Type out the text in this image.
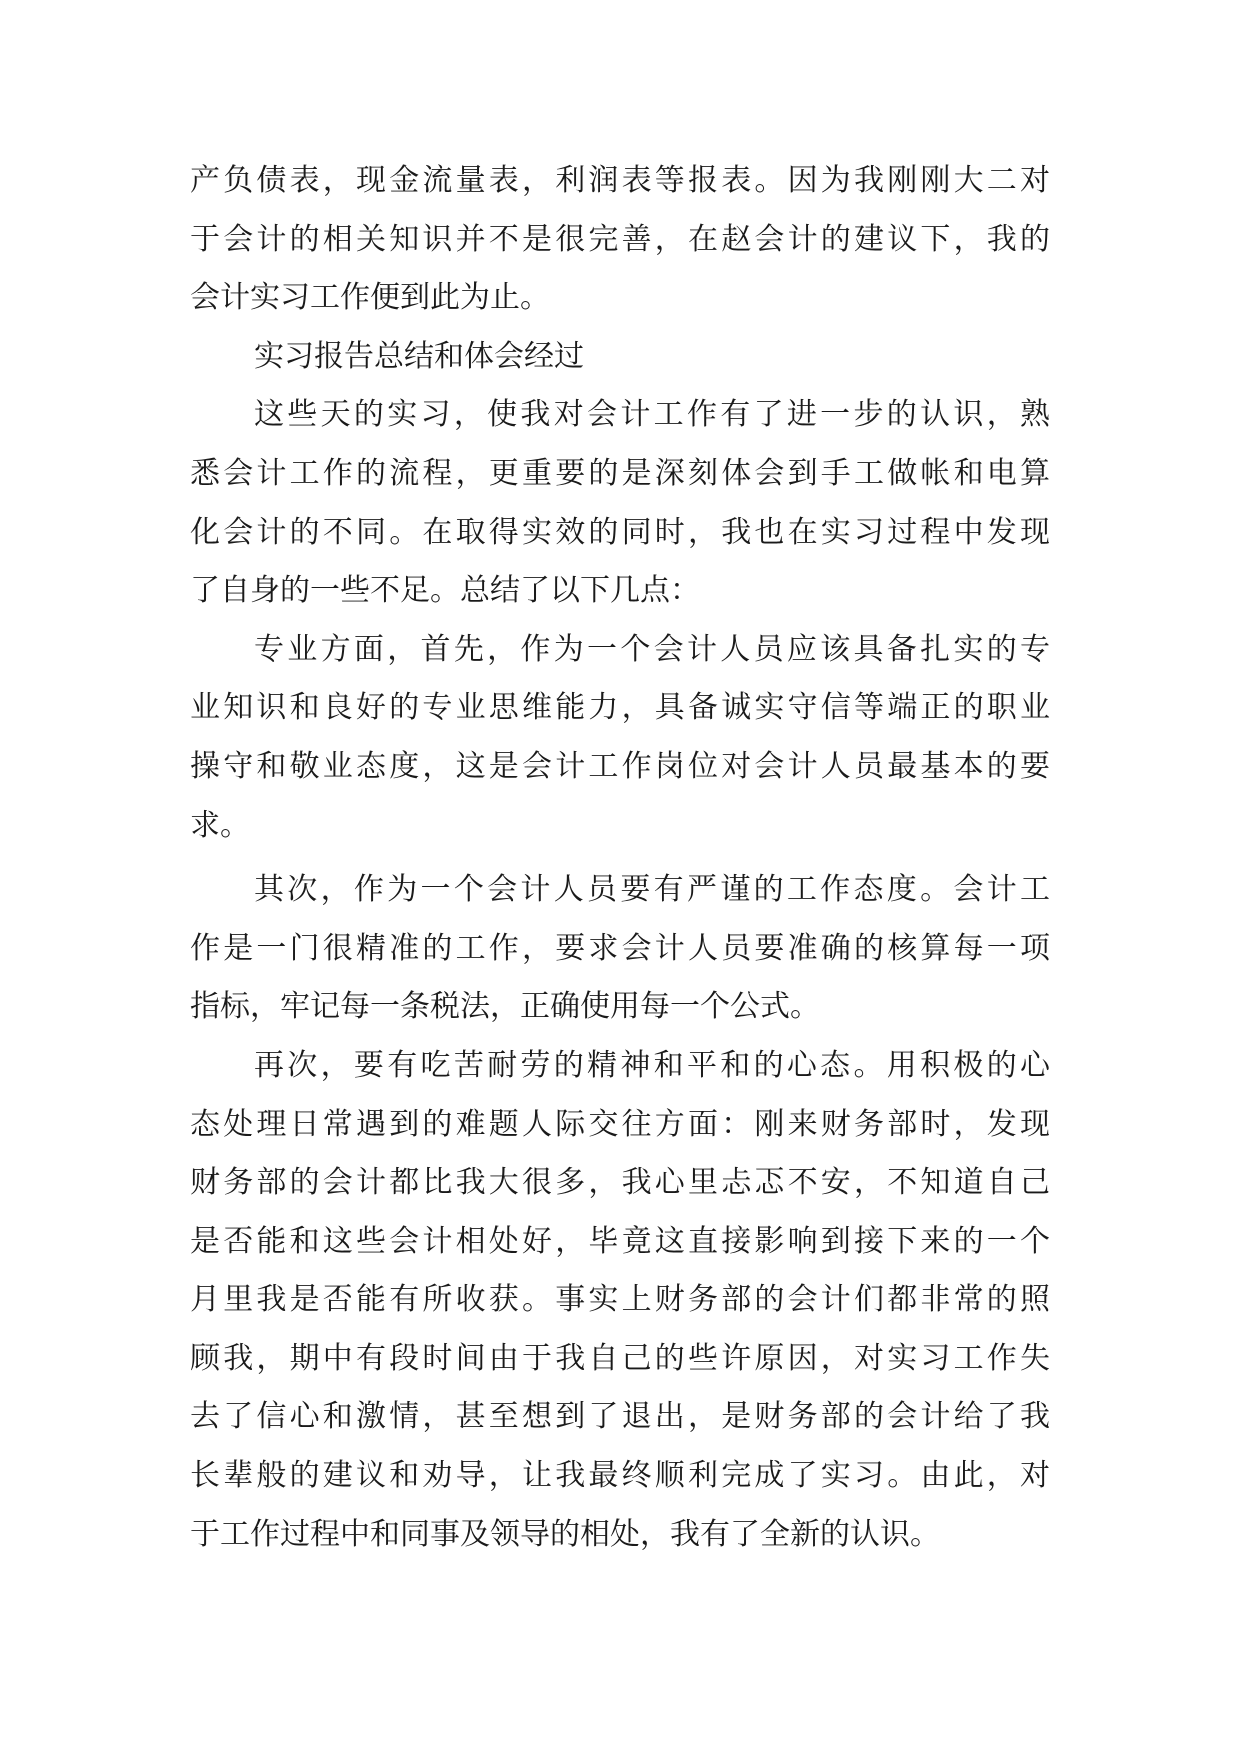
产负债表，现金流量表，利润表等报表。因为我刚刚大二对
于会计的相关知识并不是很完善，在赵会计的建议下，我的
会计实习工作便到此为止。
实习报告总结和体会经过
这些天的实习，使我对会计工作有了进一步的认识，熟
悉会计工作的流程，更重要的是深刻体会到手工做帐和电算
化会计的不同。在取得实效的同时，我也在实习过程中发现
了自身的一些不足。总结了以下几点：
专业方面，首先，作为一个会计人员应该具备扎实的专
业知识和良好的专业思维能力，具备诚实守信等端正的职业
操守和敬业态度，这是会计工作岗位对会计人员最基本的要
求。
其次，作为一个会计人员要有严谨的工作态度。会计工
作是一门很精准的工作，要求会计人员要准确的核算每一项
指标，牢记每一条税法，正确使用每一个公式。
再次，要有吃苦耐劳的精神和平和的心态。用积极的心
态处理日常遇到的难题人际交往方面：刚来财务部时，发现
财务部的会计都比我大很多，我心里忐忑不安，不知道自己
是否能和这些会计相处好，毕竟这直接影响到接下来的一个
月里我是否能有所收获。事实上财务部的会计们都非常的照
顾我，期中有段时间由于我自己的些许原因，对实习工作失
去了信心和激情，甚至想到了退出，是财务部的会计给了我
长辈般的建议和劝导，让我最终顺利完成了实习。由此，对
于工作过程中和同事及领导的相处，我有了全新的认识。
